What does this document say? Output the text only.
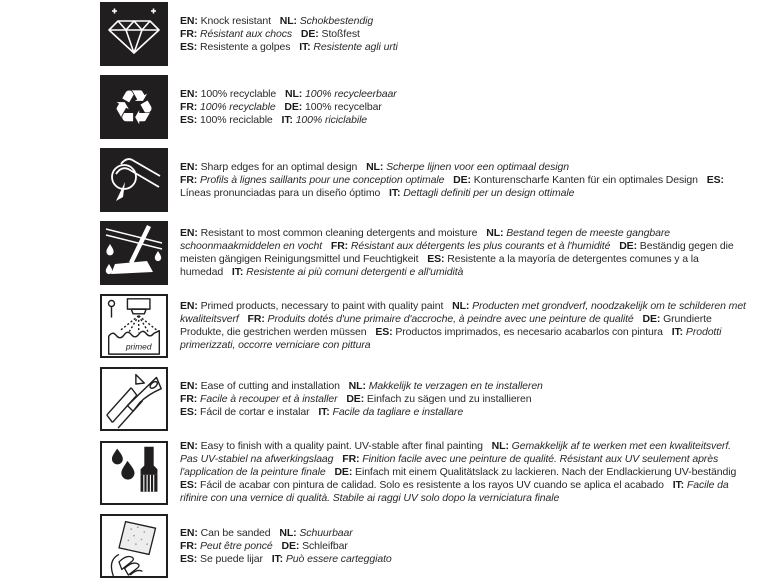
EN: Knock resistant NL: Schokbestendig
FR: Résistant aux chocs DE: Stoßfest
ES: Resistente a golpes IT: Resistente agli urti
♻ EN: 100% recyclable NL: 100% recycleerbaar
FR: 100% recyclable DE: 100% recycelbar
ES: 100% reciclable IT: 100% riciclabile
EN: Sharp edges for an optimal design NL: Scherpe lijnen voor een optimaal design
FR: Profils à lignes saillants pour une conception optimale DE: Konturenscharfe Kanten für ein optimales Design ES: Líneas pronunciadas para un diseño óptimo IT: Dettagli definiti per un design ottimale
EN: Resistant to most common cleaning detergents and moisture NL: Bestand tegen de meeste gangbare schoonmaakmiddelen en vocht FR: Résistant aux détergents les plus courants et à l'humidité DE: Beständig gegen die meisten gängigen Reinigungsmittel und Feuchtigkeit ES: Resistente a la mayoría de detergentes comunes y a la humedad IT: Resistente ai più comuni detergenti e all'umidità
primed
EN: Primed products, necessary to paint with quality paint NL: Producten met grondverf, noodzakelijk om te schilderen met kwaliteitsverf FR: Produits dotés d'une primaire d'accroche, à peindre avec une peinture de qualité DE: Grundierte Produkte, die gestrichen werden müssen ES: Productos imprimados, es necesario acabarlos con pintura IT: Prodotti primerizzati, occorre verniciare con pittura
EN: Ease of cutting and installation NL: Makkelijk te verzagen en te installeren
FR: Facile à recouper et à installer DE: Einfach zu sägen und zu installieren
ES: Fácil de cortar e instalar IT: Facile da tagliare e installare
EN: Easy to finish with a quality paint. UV-stable after final painting NL: Gemakkelijk af te werken met een kwaliteitsverf. Pas UV-stabiel na afwerkingslaag FR: Finition facile avec une peinture de qualité. Résistant aux UV seulement après l'application de la peinture finale DE: Einfach mit einem Qualitätslack zu lackieren. Nach der Endlackierung UV-beständig ES: Fácil de acabar con pintura de calidad. Solo es resistente a los rayos UV cuando se aplica el acabado IT: Facile da rifinire con una vernice di qualità. Stabile ai raggi UV solo dopo la verniciatura finale
EN: Can be sanded NL: Schuurbaar
FR: Peut être poncé DE: Schleifbar
ES: Se puede lijar IT: Può essere carteggiato
